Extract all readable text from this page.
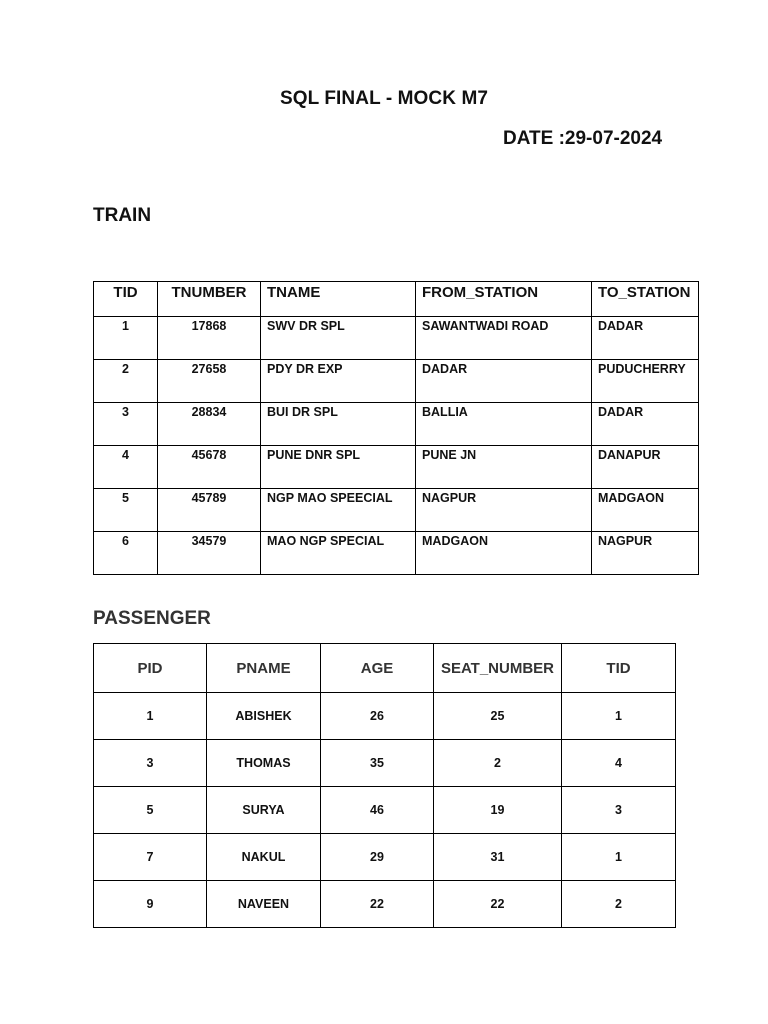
SQL FINAL - MOCK M7
DATE :29-07-2024
TRAIN
TID	TNUMBER	TNAME	FROM_STATION	TO_STATION
1	17868	SWV DR SPL	SAWANTWADI ROAD	DADAR
2	27658	PDY DR EXP	DADAR	PUDUCHERRY
3	28834	BUI DR SPL	BALLIA	DADAR
4	45678	PUNE DNR SPL	PUNE JN	DANAPUR
5	45789	NGP MAO SPEECIAL	NAGPUR	MADGAON
6	34579	MAO NGP SPECIAL	MADGAON	NAGPUR
PASSENGER
PID	PNAME	AGE	SEAT_NUMBER	TID
1	ABISHEK	26	25	1
3	THOMAS	35	2	4
5	SURYA	46	19	3
7	NAKUL	29	31	1
9	NAVEEN	22	22	2
